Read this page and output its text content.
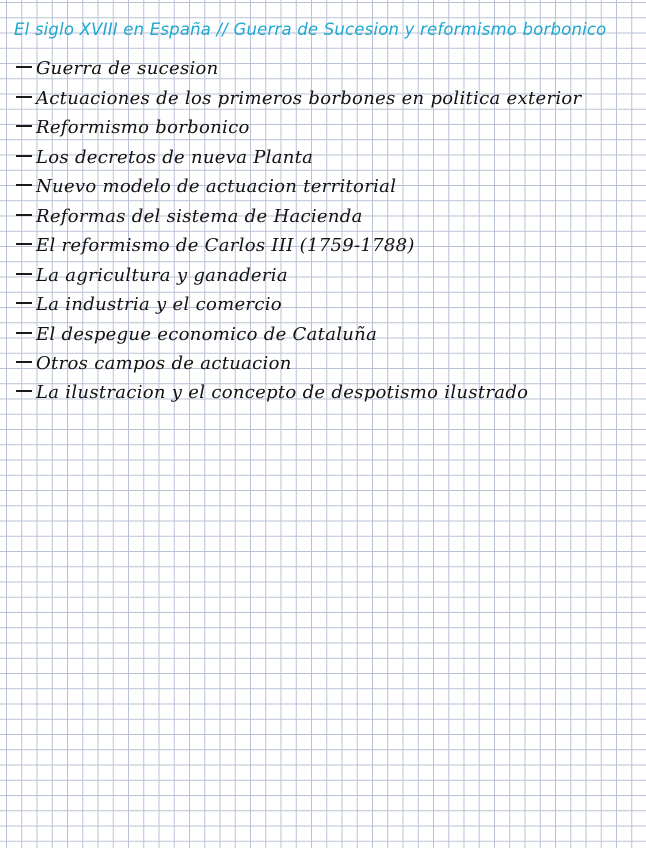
El siglo XVIII en España // Guerra de Sucesion y reformismo borbonico
Guerra de sucesion
Actuaciones de los primeros borbones en politica exterior
Reformismo borbonico
Los decretos de nueva Planta
Nuevo modelo de actuacion territorial
Reformas del sistema de Hacienda
El reformismo de Carlos III (1759-1788)
La agricultura y ganaderia
La industria y el comercio
El despegue economico de Cataluña
Otros campos de actuacion
La ilustracion y el concepto de despotismo ilustrado
